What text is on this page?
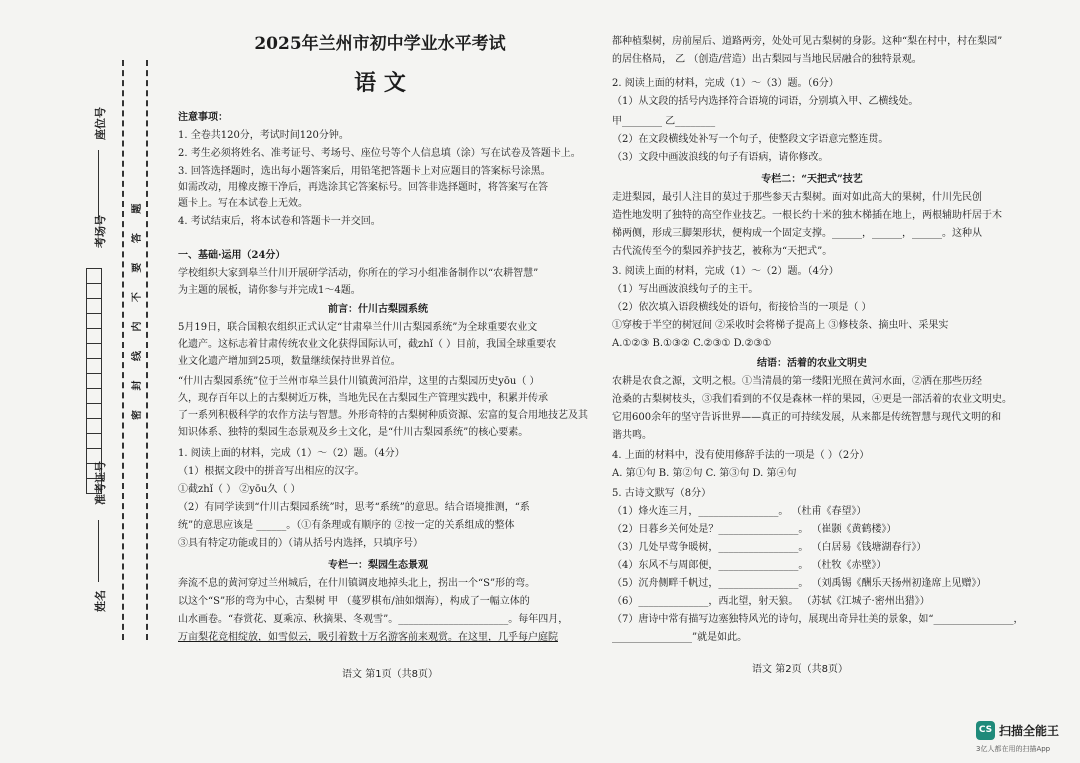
座位号
考场号
准考证号
姓名
密 封 线 内 不 要 答 题
2025年兰州市初中学业水平考试
语 文
注意事项：
1. 全卷共120分，考试时间120分钟。
2. 考生必须将姓名、准考证号、考场号、座位号等个人信息填（涂）写在试卷及答题卡上。
3. 回答选择题时，选出每小题答案后，用铅笔把答题卡上对应题目的答案标号涂黑。
如需改动，用橡皮擦干净后，再选涂其它答案标号。回答非选择题时，将答案写在答
题卡上。写在本试卷上无效。
4. 考试结束后，将本试卷和答题卡一并交回。
一、基础·运用（24分）
学校组织大家到皋兰什川开展研学活动，你所在的学习小组准备制作以“农耕智慧”
为主题的展板，请你参与并完成1～4题。
前言：什川古梨园系统
5月19日，联合国粮农组织正式认定“甘肃皋兰什川古梨园系统”为全球重要农业文
化遗产。这标志着甘肃传统农业文化获得国际认可，截zhǐ（ ）目前，我国全球重要农
业文化遗产增加到25项，数量继续保持世界首位。
“什川古梨园系统”位于兰州市皋兰县什川镇黄河沿岸，这里的古梨园历史yōu（ ）
久，现存百年以上的古梨树近万株，当地先民在古梨园生产管理实践中，积累并传承
了一系列积极科学的农作方法与智慧。外形奇特的古梨树种质资源、宏富的复合用地技艺及其
知识体系、独特的梨园生态景观及乡土文化，是“什川古梨园系统”的核心要素。
1. 阅读上面的材料，完成（1）～（2）题。（4分）
（1）根据文段中的拼音写出相应的汉字。
①截zhǐ（ ） ②yōu久（ ）
（2）有同学读到“什川古梨园系统”时，思考“系统”的意思。结合语境推测，“系
统”的意思应该是 ______。（①有条理或有顺序的 ②按一定的关系组成的整体
③具有特定功能或目的）（请从括号内选择，只填序号）
专栏一：梨园生态景观
奔流不息的黄河穿过兰州城后，在什川镇调皮地掉头北上，拐出一个“S”形的弯。
以这个“S”形的弯为中心，古梨树 甲 （蔓罗棋布/油如烟海），构成了一幅立体的
山水画卷。“春赏花、夏乘凉、秋摘果、冬观雪”。______________________。每年四月，
万亩梨花竞相绽放，如雪似云，吸引着数十万名游客前来观赏。在这里，几乎每户庭院
语文 第1页（共8页）
都种植梨树，房前屋后、道路两旁，处处可见古梨树的身影。这种“梨在村中，村在梨园”
的居住格局， 乙 （创造/营造）出古梨园与当地民居融合的独特景观。
2. 阅读上面的材料，完成（1）～（3）题。（6分）
（1）从文段的括号内选择符合语境的词语，分别填入甲、乙横线处。
甲________ 乙________
（2）在文段横线处补写一个句子，使整段文字语意完整连贯。
（3）文段中画波浪线的句子有语病，请你修改。
专栏二：“天把式”技艺
走进梨园，最引人注目的莫过于那些参天古梨树。面对如此高大的果树，什川先民创
造性地发明了独特的高空作业技艺。一根长约十米的独木梯插在地上，两根辅助杆居于木
梯两侧，形成三脚架形状，便构成一个固定支撑。______，______，______。这种从
古代流传至今的梨园养护技艺，被称为“天把式”。
3. 阅读上面的材料，完成（1）～（2）题。（4分）
（1）写出画波浪线句子的主干。
（2）依次填入语段横线处的语句，衔接恰当的一项是（ ）
①穿梭于半空的树冠间 ②采收时会将梯子提高上 ③修枝条、摘虫叶、采果实
A.①②③ B.①③② C.②③① D.②③①
结语：活着的农业文明史
农耕是农食之源，文明之根。①当清晨的第一缕阳光照在黄河水面，②洒在那些历经
沧桑的古梨树枝头，③我们看到的不仅是森林一样的果园，④更是一部活着的农业文明史。
它用600余年的坚守告诉世界——真正的可持续发展，从来都是传统智慧与现代文明的和
谐共鸣。
4. 上面的材料中，没有使用修辞手法的一项是（ ）（2分）
A. 第①句 B. 第②句 C. 第③句 D. 第④句
5. 古诗文默写（8分）
（1）烽火连三月，________________。 （杜甫《春望》）
（2）日暮乡关何处是？________________。 （崔颢《黄鹤楼》）
（3）几处早莺争暖树，________________。 （白居易《钱塘湖春行》）
（4）东风不与周郎便，________________。 （杜牧《赤壁》）
（5）沉舟侧畔千帆过，________________。 （刘禹锡《酬乐天扬州初逢席上见赠》）
（6）______________，西北望，射天狼。 （苏轼《江城子·密州出猎》）
（7）唐诗中常有描写边塞独特风光的诗句，展现出奇异壮美的景象，如“________________，
________________”就是如此。
语文 第2页（共8页）
CS 扫描全能王
3亿人都在用的扫描App
